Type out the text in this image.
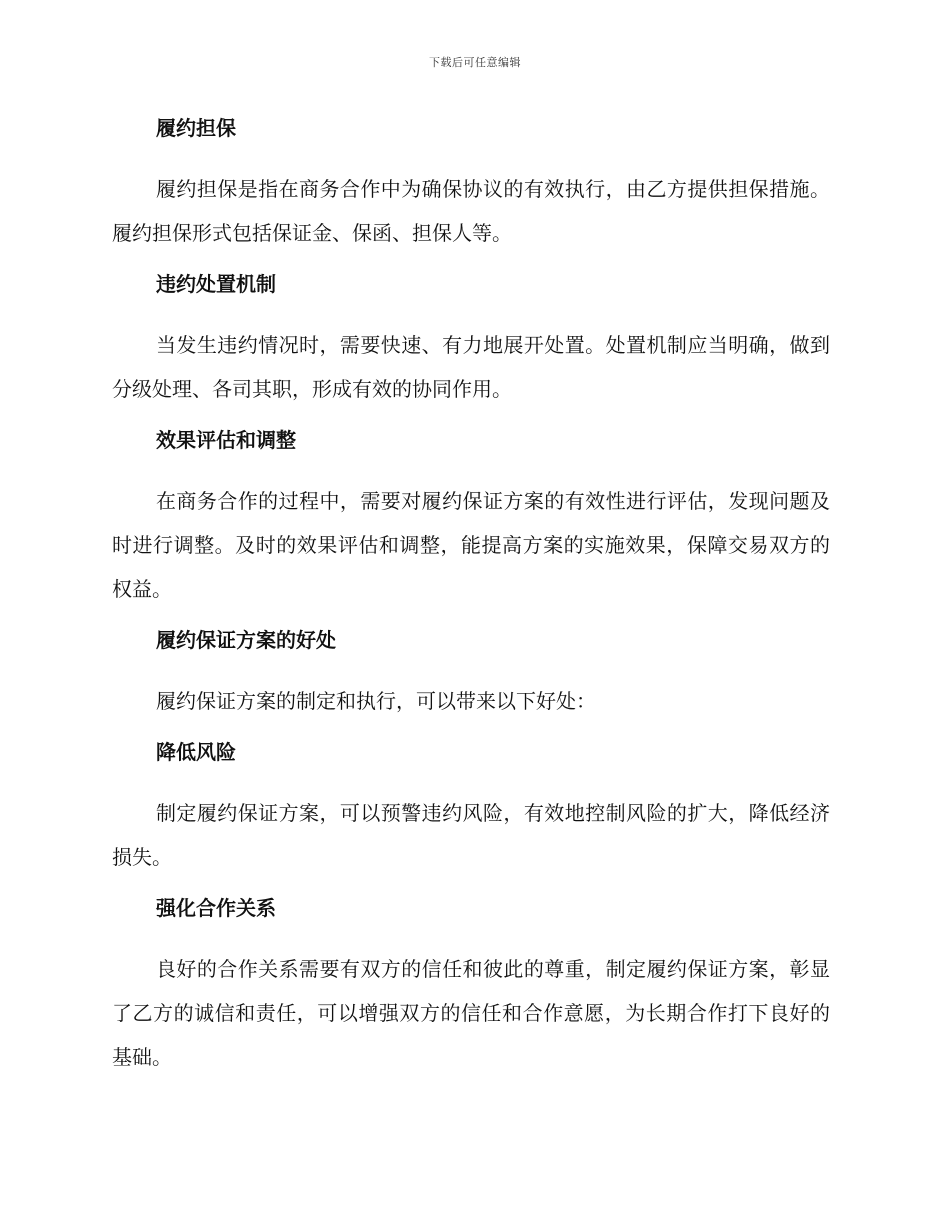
下载后可任意编辑
履约担保
履约担保是指在商务合作中为确保协议的有效执行，由乙方提供担保措施。履约担保形式包括保证金、保函、担保人等。
违约处置机制
当发生违约情况时，需要快速、有力地展开处置。处置机制应当明确，做到分级处理、各司其职，形成有效的协同作用。
效果评估和调整
在商务合作的过程中，需要对履约保证方案的有效性进行评估，发现问题及时进行调整。及时的效果评估和调整，能提高方案的实施效果，保障交易双方的权益。
履约保证方案的好处
履约保证方案的制定和执行，可以带来以下好处：
降低风险
制定履约保证方案，可以预警违约风险，有效地控制风险的扩大，降低经济损失。
强化合作关系
良好的合作关系需要有双方的信任和彼此的尊重，制定履约保证方案，彰显了乙方的诚信和责任，可以增强双方的信任和合作意愿，为长期合作打下良好的基础。
